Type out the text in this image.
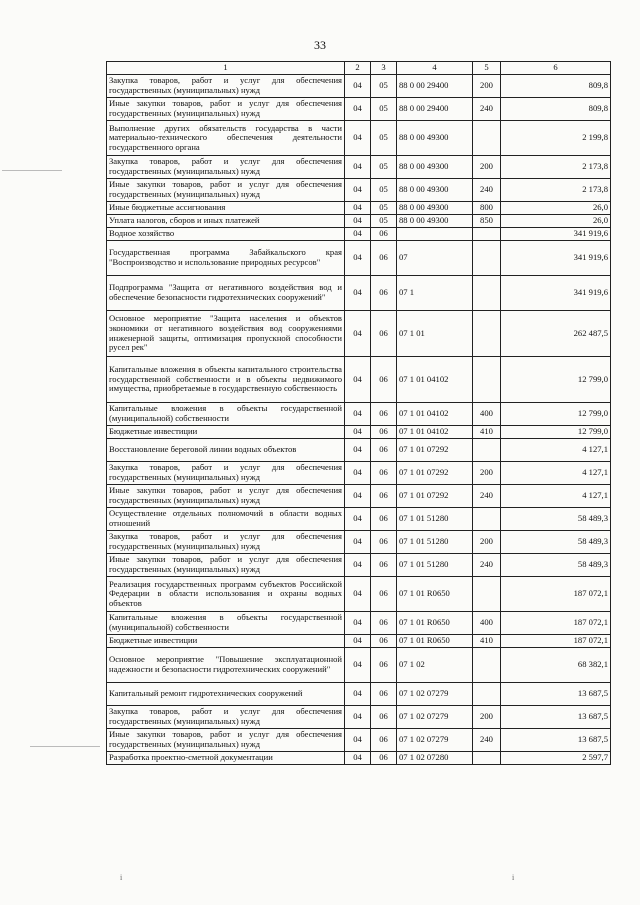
33
i	i
1	2	3	4	5	6
Закупка товаров, работ и услуг для обеспечения государственных (муниципальных) нужд	04	05	88 0 00 29400	200	809,8
Иные закупки товаров, работ и услуг для обеспечения государственных (муниципальных) нужд	04	05	88 0 00 29400	240	809,8
Выполнение других обязательств государства в части материально-технического обеспечения деятельности государственного органа	04	05	88 0 00 49300		2 199,8
Закупка товаров, работ и услуг для обеспечения государственных (муниципальных) нужд	04	05	88 0 00 49300	200	2 173,8
Иные закупки товаров, работ и услуг для обеспечения государственных (муниципальных) нужд	04	05	88 0 00 49300	240	2 173,8
Иные бюджетные ассигнования	04	05	88 0 00 49300	800	26,0
Уплата налогов, сборов и иных платежей	04	05	88 0 00 49300	850	26,0
Водное хозяйство	04	06			341 919,6
Государственная программа Забайкальского края "Воспроизводство и использование природных ресурсов"	04	06	07		341 919,6
Подпрограмма "Защита от негативного воздействия вод и обеспечение безопасности гидротехнических сооружений"	04	06	07 1		341 919,6
Основное мероприятие "Защита населения и объектов экономики от негативного воздействия вод сооружениями инженерной защиты, оптимизация пропускной способности русел рек"	04	06	07 1 01		262 487,5
Капитальные вложения в объекты капитального строительства государственной собственности и в объекты недвижимого имущества, приобретаемые в государственную собственность	04	06	07 1 01 04102		12 799,0
Капитальные вложения в объекты государственной (муниципальной) собственности	04	06	07 1 01 04102	400	12 799,0
Бюджетные инвестиции	04	06	07 1 01 04102	410	12 799,0
Восстановление береговой линии водных объектов	04	06	07 1 01 07292		4 127,1
Закупка товаров, работ и услуг для обеспечения государственных (муниципальных) нужд	04	06	07 1 01 07292	200	4 127,1
Иные закупки товаров, работ и услуг для обеспечения государственных (муниципальных) нужд	04	06	07 1 01 07292	240	4 127,1
Осуществление отдельных полномочий в области водных отношений	04	06	07 1 01 51280		58 489,3
Закупка товаров, работ и услуг для обеспечения государственных (муниципальных) нужд	04	06	07 1 01 51280	200	58 489,3
Иные закупки товаров, работ и услуг для обеспечения государственных (муниципальных) нужд	04	06	07 1 01 51280	240	58 489,3
Реализация государственных программ субъектов Российской Федерации в области использования и охраны водных объектов	04	06	07 1 01 R0650		187 072,1
Капитальные вложения в объекты государственной (муниципальной) собственности	04	06	07 1 01 R0650	400	187 072,1
Бюджетные инвестиции	04	06	07 1 01 R0650	410	187 072,1
Основное мероприятие "Повышение эксплуатационной надежности и безопасности гидротехнических сооружений"	04	06	07 1 02		68 382,1
Капитальный ремонт гидротехнических сооружений	04	06	07 1 02 07279		13 687,5
Закупка товаров, работ и услуг для обеспечения государственных (муниципальных) нужд	04	06	07 1 02 07279	200	13 687,5
Иные закупки товаров, работ и услуг для обеспечения государственных (муниципальных) нужд	04	06	07 1 02 07279	240	13 687,5
Разработка проектно-сметной документации	04	06	07 1 02 07280		2 597,7
